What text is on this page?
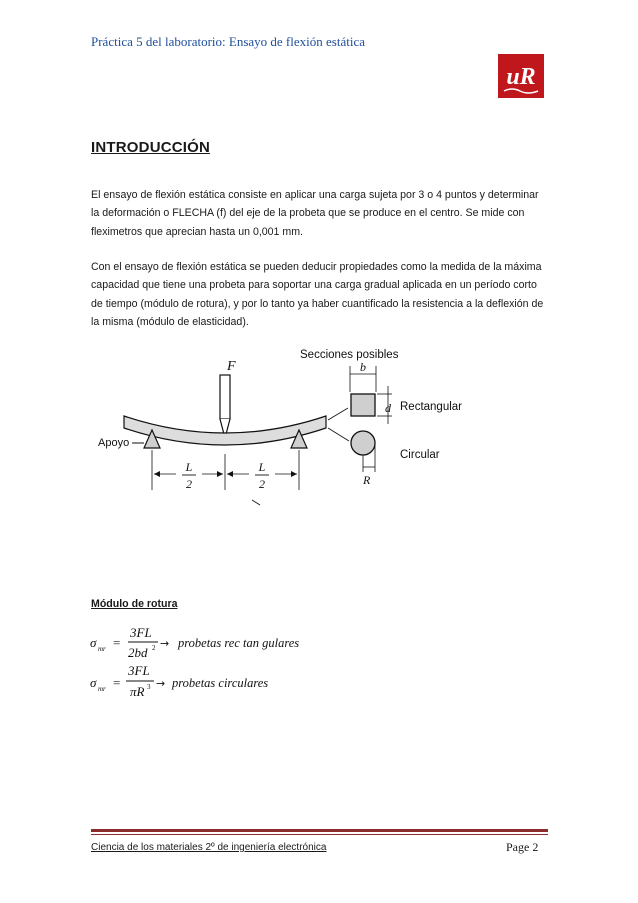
Práctica 5 del laboratorio: Ensayo de flexión estática
uR
INTRODUCCIÓN

El ensayo de flexión estática consiste en aplicar una carga sujeta por 3 o 4 puntos y determinar la deformación o FLECHA (f) del eje de la probeta que se produce en el centro. Se mide con fleximetros que aprecian hasta un 0,001 mm.

Con el ensayo de flexión estática se pueden deducir propiedades como la medida de la máxima capacidad que tiene una probeta para soportar una carga gradual aplicada en un período corto de tiempo (módulo de rotura), y por lo tanto ya haber cuantificado la resistencia a la deflexión de la misma (módulo de elasticidad).

F
Apoyo
L
2
L
2
Secciones posibles
b
d Rectangular
R
Circular
Módulo de rotura
σ mr =
3FL
2bd 2 → probetas rec tan gulares
σ mr =
3FL
πR 3 → probetas circulares
Ciencia de los materiales 2º de ingeniería electrónica	Page 2
